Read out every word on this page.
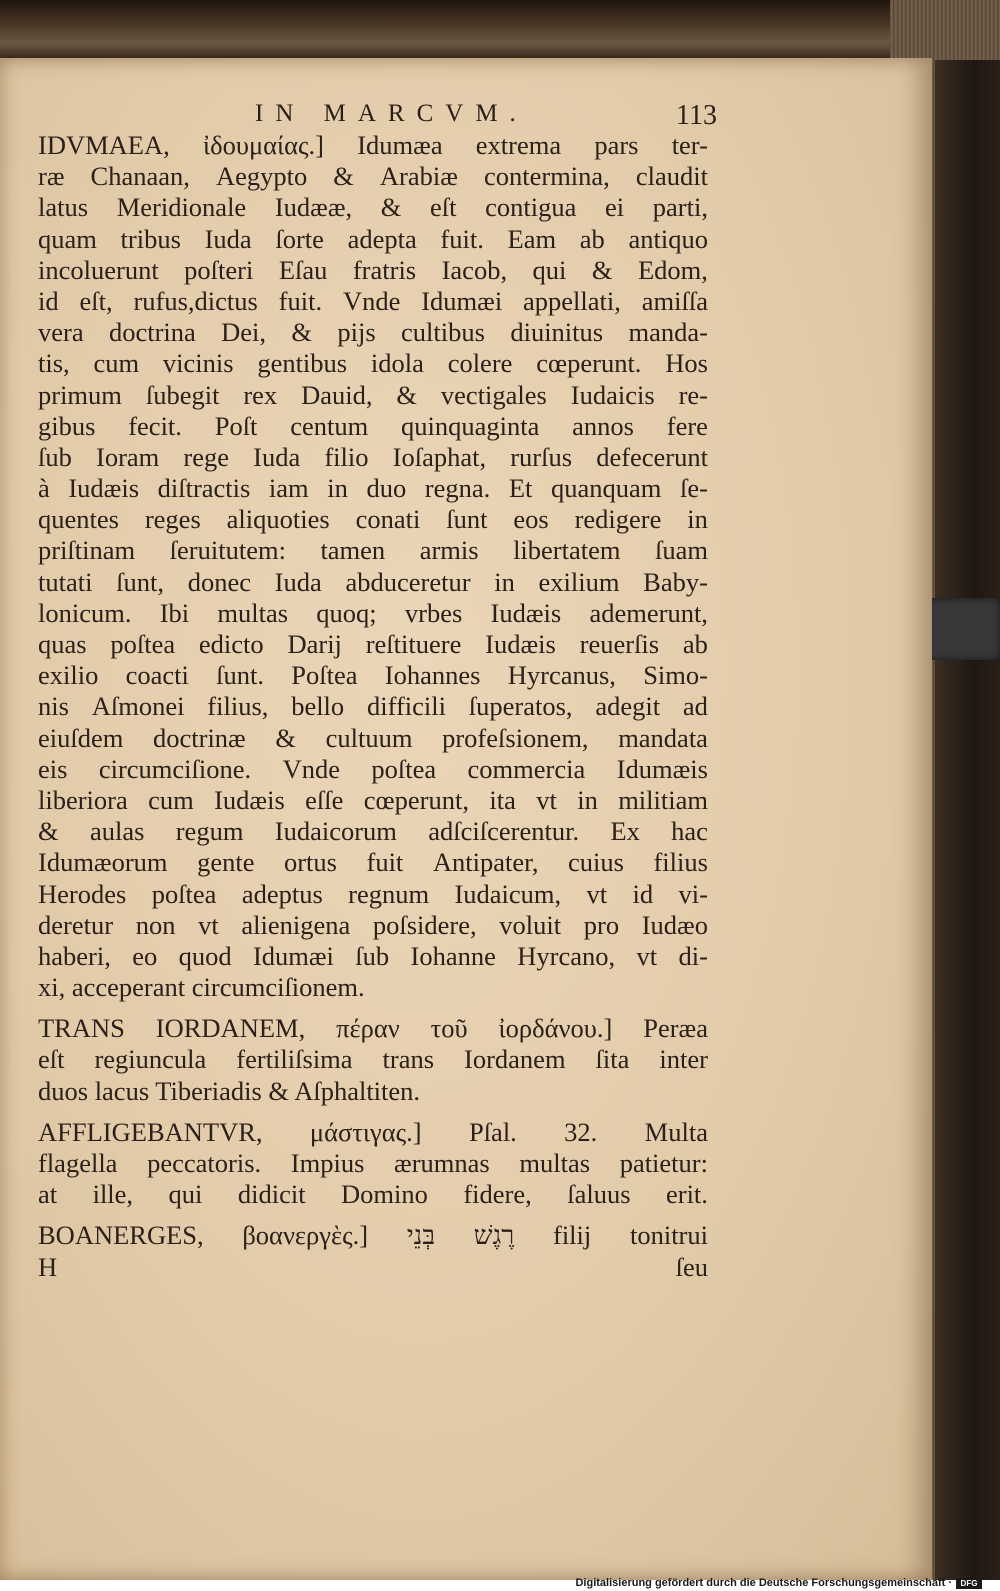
IN MARCVM.	113
IDVMAEA, ἰδουμαίας.] Idumæa extrema pars ter-
ræ Chanaan, Aegypto & Arabiæ contermina, claudit
latus Meridionale Iudææ, & eſt contigua ei parti,
quam tribus Iuda ſorte adepta fuit. Eam ab antiquo
incoluerunt poſteri Eſau fratris Iacob, qui & Edom,
id eſt, rufus,dictus fuit. Vnde Idumæi appellati, amiſſa
vera doctrina Dei, & pijs cultibus diuinitus manda-
tis, cum vicinis gentibus idola colere cœperunt. Hos
primum ſubegit rex Dauid, & vectigales Iudaicis re-
gibus fecit. Poſt centum quinquaginta annos fere
ſub Ioram rege Iuda filio Ioſaphat, rurſus defecerunt
à Iudæis diſtractis iam in duo regna. Et quanquam ſe-
quentes reges aliquoties conati ſunt eos redigere in
priſtinam ſeruitutem: tamen armis libertatem ſuam
tutati ſunt, donec Iuda abduceretur in exilium Baby-
lonicum. Ibi multas quoq; vrbes Iudæis ademerunt,
quas poſtea edicto Darij reſtituere Iudæis reuerſis ab
exilio coacti ſunt. Poſtea Iohannes Hyrcanus, Simo-
nis Aſmonei filius, bello difficili ſuperatos, adegit ad
eiuſdem doctrinæ & cultuum profeſsionem, mandata
eis circumciſione. Vnde poſtea commercia Idumæis
liberiora cum Iudæis eſſe cœperunt, ita vt in militiam
& aulas regum Iudaicorum adſciſcerentur. Ex hac
Idumæorum gente ortus fuit Antipater, cuius filius
Herodes poſtea adeptus regnum Iudaicum, vt id vi-
deretur non vt alienigena poſsidere, voluit pro Iudæo
haberi, eo quod Idumæi ſub Iohanne Hyrcano, vt di-
xi, acceperant circumciſionem.
TRANS IORDANEM, πέραν τοῦ ἰορδάνου.] Peræa
eſt regiuncula fertiliſsima trans Iordanem ſita inter
duos lacus Tiberiadis & Aſphaltiten.
AFFLIGEBANTVR, μάστιγας.] Pſal. 32. Multa
flagella peccatoris. Impius ærumnas multas patietur:
at ille, qui didicit Domino fidere, ſaluus erit.
BOANERGES, βοανεργὲς.] בְּנֵי רֶגֶשׁ filij tonitrui
H	ſeu
Digitalisierung gefördert durch die Deutsche Forschungsgemeinschaft ·	DFG
